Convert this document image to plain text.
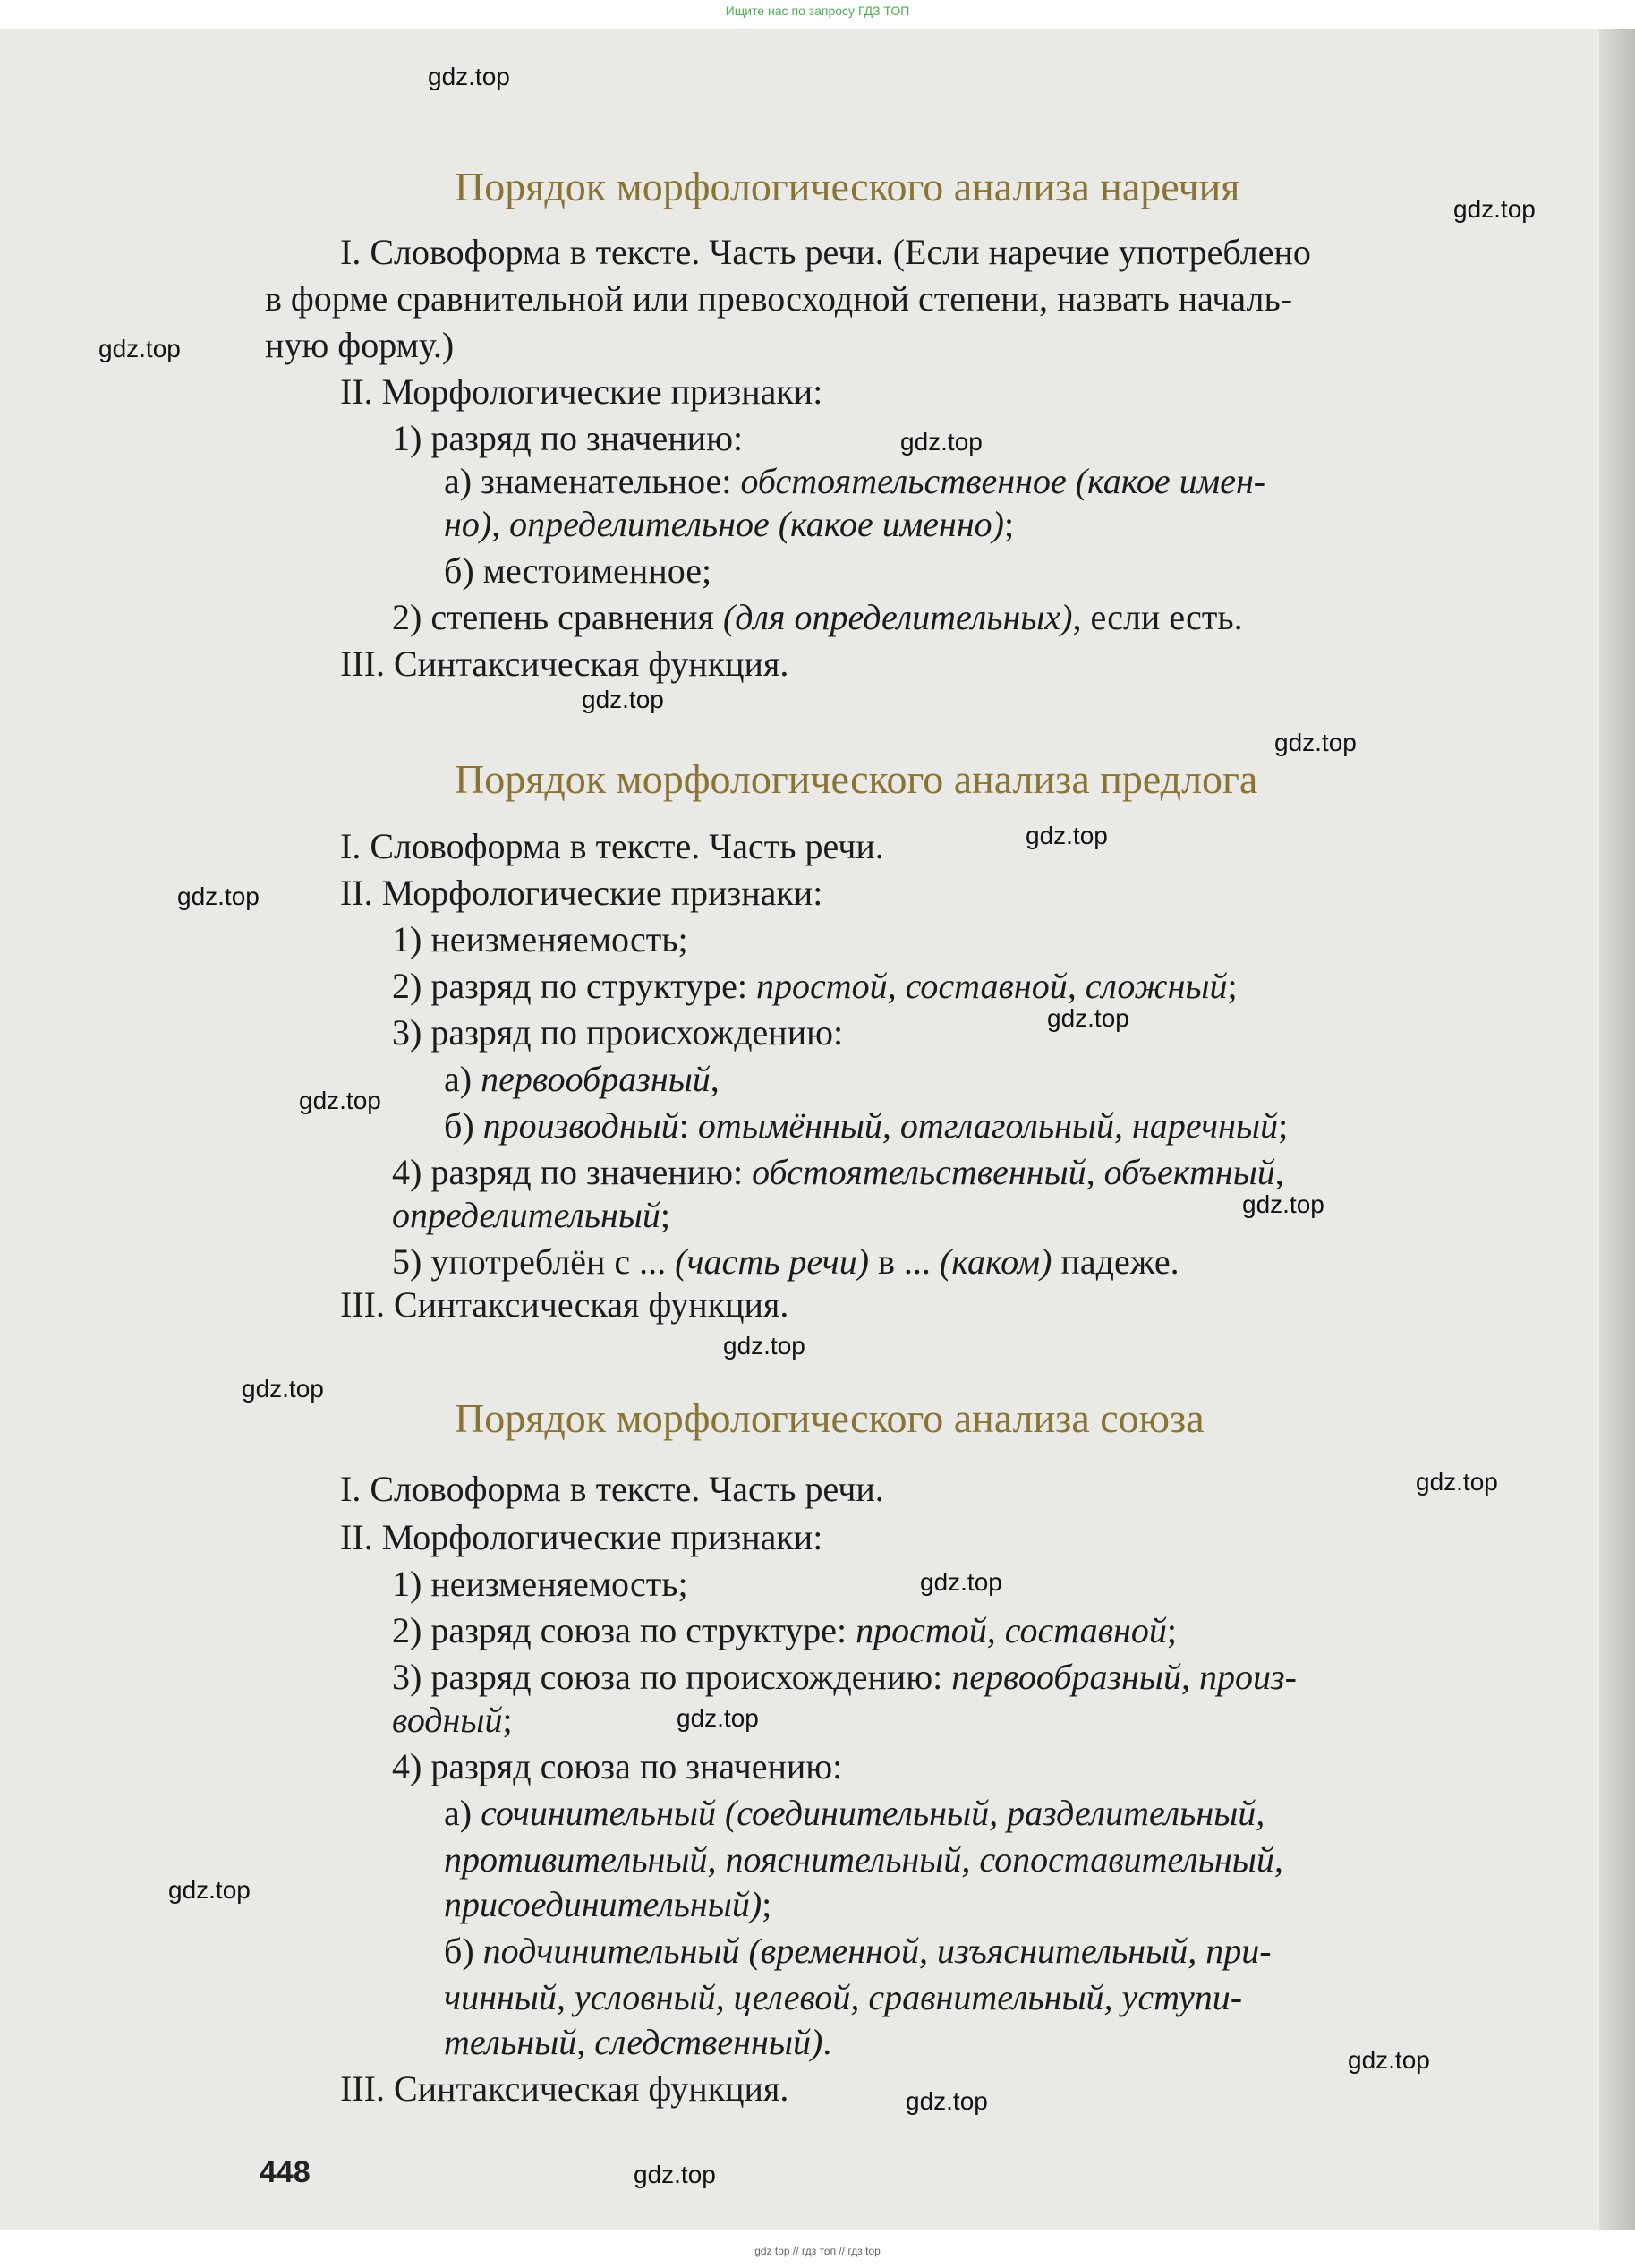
Ищите нас по запросу ГДЗ ТОП
gdz top // гдз топ // гдз top
gdz.top
gdz.top
gdz.top
gdz.top
gdz.top
gdz.top
gdz.top
gdz.top
gdz.top
gdz.top
gdz.top
gdz.top
gdz.top
gdz.top
gdz.top
gdz.top
gdz.top
gdz.top
gdz.top
gdz.top
Порядок морфологического анализа наречия
I. Словоформа в тексте. Часть речи. (Если наречие употреблено
в форме сравнительной или превосходной степени, назвать началь-
ную форму.)
II. Морфологические признаки:
1) разряд по значению:
а) знаменательное: обстоятельственное (какое имен-
но), определительное (какое именно);
б) местоименное;
2) степень сравнения (для определительных), если есть.
III. Синтаксическая функция.
Порядок морфологического анализа предлога
I. Словоформа в тексте. Часть речи.
II. Морфологические признаки:
1) неизменяемость;
2) разряд по структуре: простой, составной, сложный;
3) разряд по происхождению:
а) первообразный,
б) производный: отымённый, отглагольный, наречный;
4) разряд по значению: обстоятельственный, объектный,
определительный;
5) употреблён с ... (часть речи) в ... (каком) падеже.
III. Синтаксическая функция.
Порядок морфологического анализа союза
I. Словоформа в тексте. Часть речи.
II. Морфологические признаки:
1) неизменяемость;
2) разряд союза по структуре: простой, составной;
3) разряд союза по происхождению: первообразный, произ-
водный;
4) разряд союза по значению:
а) сочинительный (соединительный, разделительный,
противительный, пояснительный, сопоставительный,
присоединительный);
б) подчинительный (временной, изъяснительный, при-
чинный, условный, целевой, сравнительный, уступи-
тельный, следственный).
III. Синтаксическая функция.
448
